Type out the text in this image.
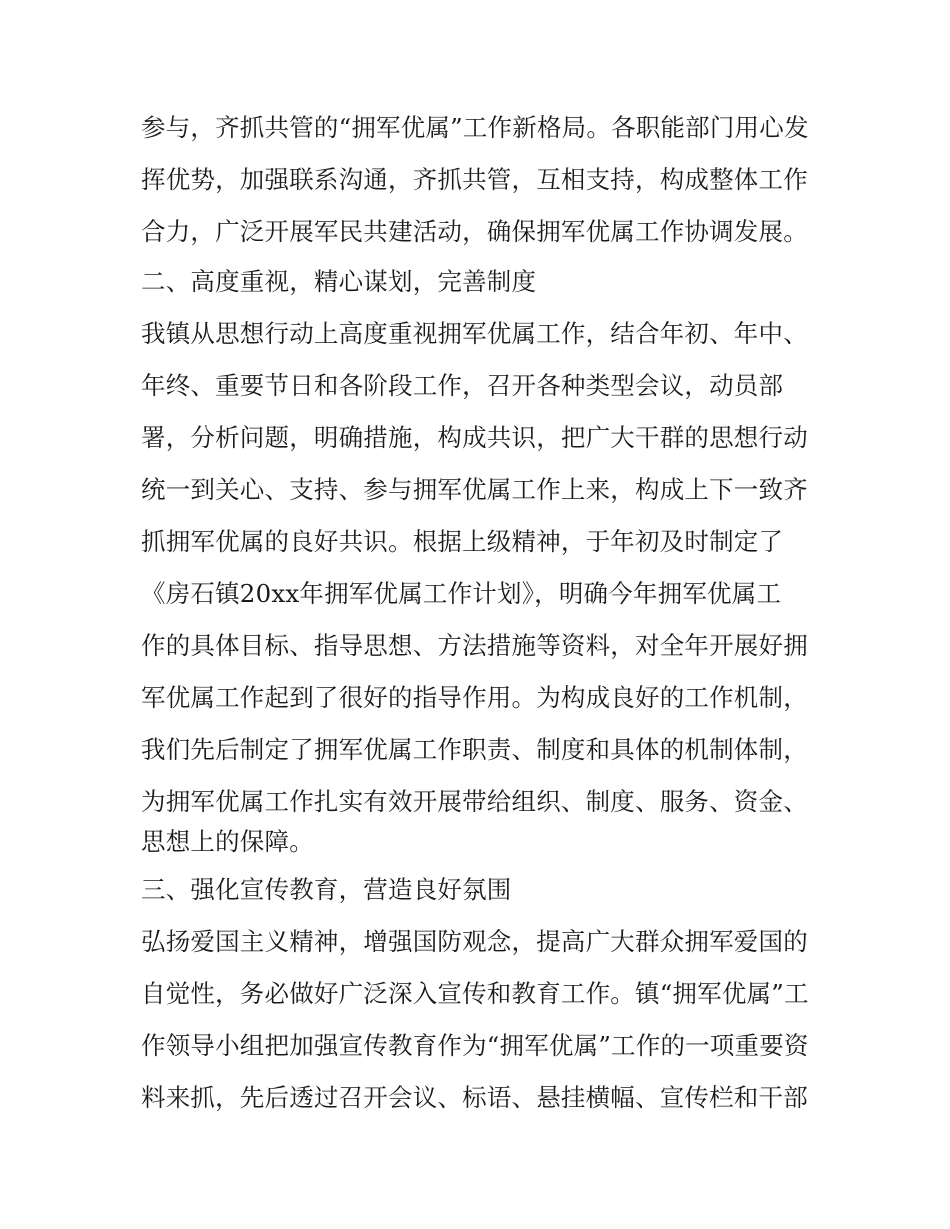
参与，齐抓共管的“拥军优属”工作新格局。各职能部门用心发

挥优势，加强联系沟通，齐抓共管，互相支持，构成整体工作

合力，广泛开展军民共建活动，确保拥军优属工作协调发展。

二、高度重视，精心谋划，完善制度

我镇从思想行动上高度重视拥军优属工作，结合年初、年中、

年终、重要节日和各阶段工作，召开各种类型会议，动员部

署，分析问题，明确措施，构成共识，把广大干群的思想行动

统一到关心、支持、参与拥军优属工作上来，构成上下一致齐

抓拥军优属的良好共识。根据上级精神，于年初及时制定了

《房石镇20xx年拥军优属工作计划》，明确今年拥军优属工

作的具体目标、指导思想、方法措施等资料，对全年开展好拥

军优属工作起到了很好的指导作用。为构成良好的工作机制，

我们先后制定了拥军优属工作职责、制度和具体的机制体制，

为拥军优属工作扎实有效开展带给组织、制度、服务、资金、

思想上的保障。

三、强化宣传教育，营造良好氛围

弘扬爱国主义精神，增强国防观念，提高广大群众拥军爱国的

自觉性，务必做好广泛深入宣传和教育工作。镇“拥军优属”工

作领导小组把加强宣传教育作为“拥军优属”工作的一项重要资

料来抓，先后透过召开会议、标语、悬挂横幅、宣传栏和干部
